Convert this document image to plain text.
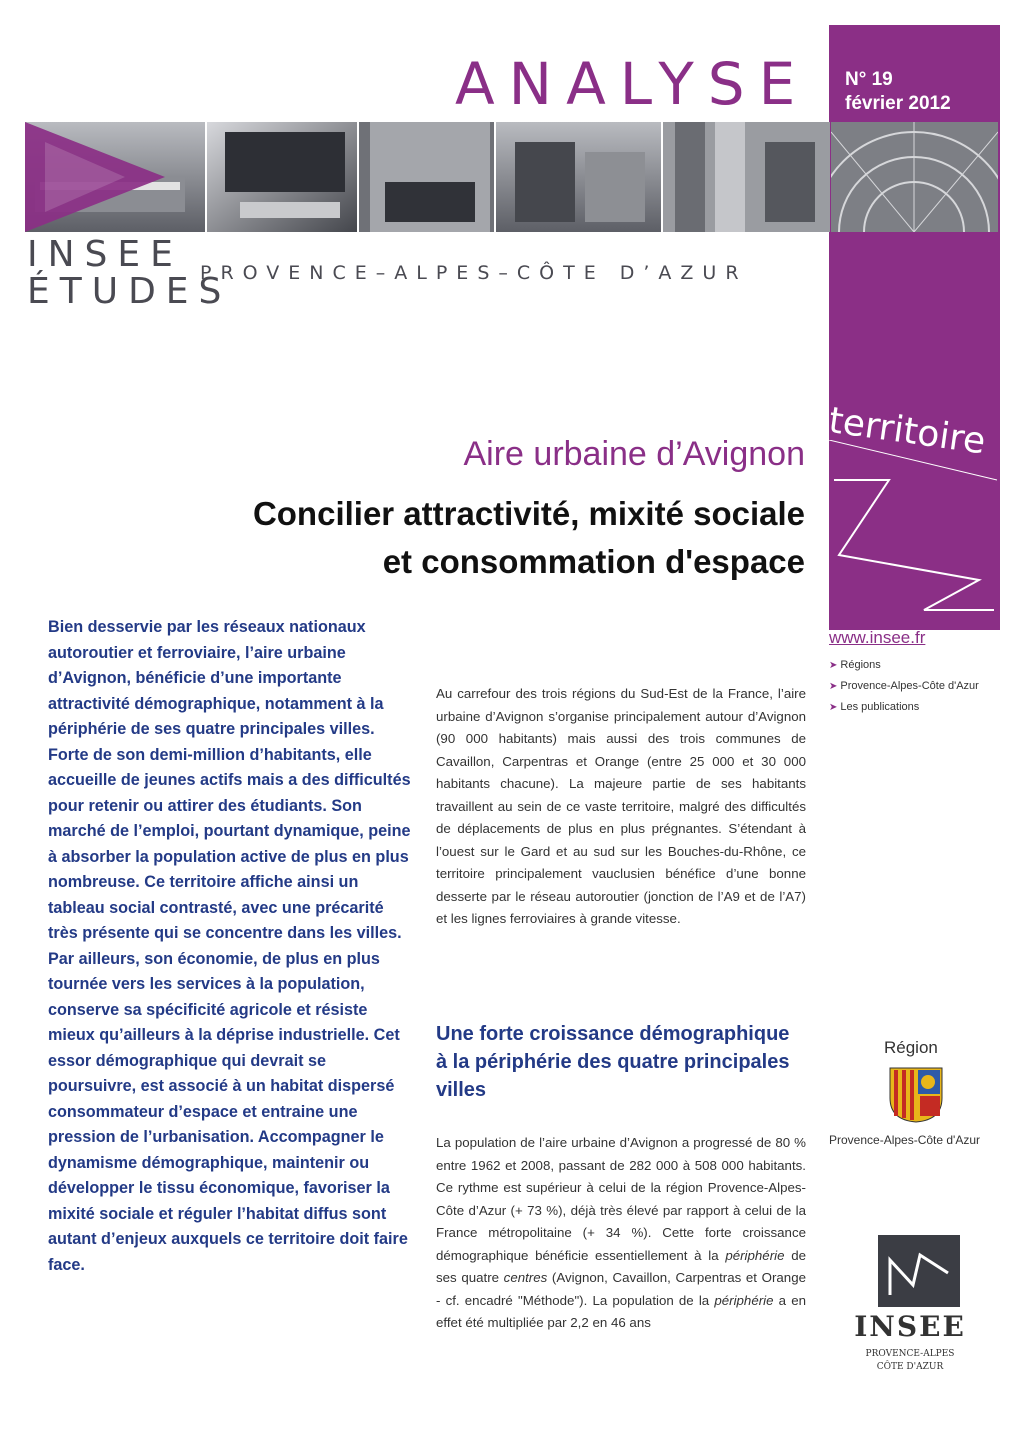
ANALYSE N° 19
février 2012
INSEE
ÉTUDES
PROVENCE–ALPES–CÔTE D’AZUR
territoire
Aire urbaine d’Avignon
Concilier attractivité, mixité sociale
et consommation d'espace
www.insee.fr
➤ Régions
➤ Provence-Alpes-Côte d'Azur
➤ Les publications
Bien desservie par les réseaux nationaux autoroutier et ferroviaire, l’aire urbaine d’Avignon, bénéficie d’une importante attractivité démographique, notamment à la périphérie de ses quatre principales villes. Forte de son demi-million d’habitants, elle accueille de jeunes actifs mais a des difficultés pour retenir ou attirer des étudiants. Son marché de l’emploi, pourtant dynamique, peine à absorber la population active de plus en plus nombreuse. Ce territoire affiche ainsi un tableau social contrasté, avec une précarité très présente qui se concentre dans les villes. Par ailleurs, son économie, de plus en plus tournée vers les services à la population, conserve sa spécificité agricole et résiste mieux qu’ailleurs à la déprise industrielle. Cet essor démographique qui devrait se poursuivre, est associé à un habitat dispersé consommateur d’espace et entraine une pression de l’urbanisation. Accompagner le dynamisme démographique, maintenir ou développer le tissu économique, favoriser la mixité sociale et réguler l’habitat diffus sont autant d’enjeux auxquels ce territoire doit faire face.
Au carrefour des trois régions du Sud-Est de la France, l’aire urbaine d’Avignon s’organise principalement autour d’Avignon (90 000 habitants) mais aussi des trois communes de Cavaillon, Carpentras et Orange (entre 25 000 et 30 000 habitants chacune). La majeure partie de ses habitants travaillent au sein de ce vaste territoire, malgré des difficultés de déplacements de plus en plus prégnantes. S’étendant à l’ouest sur le Gard et au sud sur les Bouches-du-Rhône, ce territoire principalement vauclusien bénéfice d’une bonne desserte par le réseau autoroutier (jonction de l’A9 et de l’A7) et les lignes ferroviaires à grande vitesse.
Une forte croissance démographique à la périphérie des quatre principales villes
La population de l’aire urbaine d’Avignon a progressé de 80 % entre 1962 et 2008, passant de 282 000 à 508 000 habitants. Ce rythme est supérieur à celui de la région Provence-Alpes-Côte d’Azur (+ 73 %), déjà très élevé par rapport à celui de la France métropolitaine (+ 34 %). Cette forte croissance démographique bénéficie essentiellement à la périphérie de ses quatre centres (Avignon, Cavaillon, Carpentras et Orange - cf. encadré "Méthode"). La population de la périphérie a en effet été multipliée par 2,2 en 46 ans
Région
Provence-Alpes-Côte d'Azur
INSEE
PROVENCE-ALPES
CÔTE D'AZUR
